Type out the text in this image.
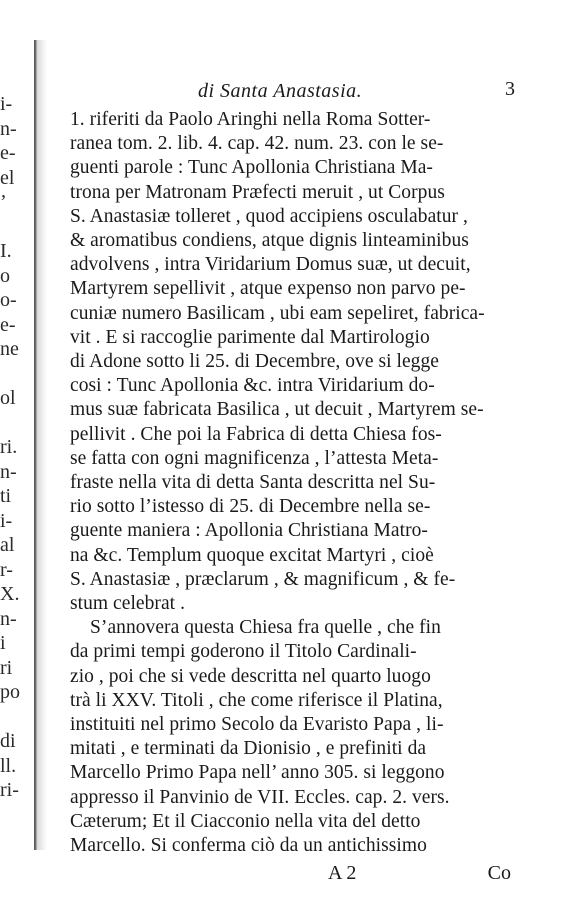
i-
n-
e-
el
’
I.
o
o-
e-
ne
ol
ri.
n-
ti
i-
al
r-
X.
n-
i
ri
po
di
ll.
ri-
di Santa Anastasia.	3
1. riferiti da Paolo Aringhi nella Roma Sotter-
ranea tom. 2. lib. 4. cap. 42. num. 23. con le se-
guenti parole : Tunc Apollonia Christiana Ma-
trona per Matronam Præfecti meruit , ut Corpus
S. Anastasiæ tolleret , quod accipiens osculabatur ,
& aromatibus condiens, atque dignis linteaminibus
advolvens , intra Viridarium Domus suæ, ut decuit,
Martyrem sepellivit , atque expenso non parvo pe-
cuniæ numero Basilicam , ubi eam sepeliret, fabrica-
vit . E si raccoglie parimente dal Martirologio
di Adone sotto li 25. di Decembre, ove si legge
cosi : Tunc Apollonia &c. intra Viridarium do-
mus suæ fabricata Basilica , ut decuit , Martyrem se-
pellivit . Che poi la Fabrica di detta Chiesa fos-
se fatta con ogni magnificenza , l’attesta Meta-
fraste nella vita di detta Santa descritta nel Su-
rio sotto l’istesso di 25. di Decembre nella se-
guente maniera : Apollonia Christiana Matro-
na &c. Templum quoque excitat Martyri , cioè
S. Anastasiæ , præclarum , & magnificum , & fe-
stum celebrat .
S’annovera questa Chiesa fra quelle , che fin
da primi tempi goderono il Titolo Cardinali-
zio , poi che si vede descritta nel quarto luogo
trà li XXV. Titoli , che come riferisce il Platina,
instituiti nel primo Secolo da Evaristo Papa , li-
mitati , e terminati da Dionisio , e prefiniti da
Marcello Primo Papa nell’ anno 305. si leggono
appresso il Panvinio de VII. Eccles. cap. 2. vers.
Cæterum; Et il Ciacconio nella vita del detto
Marcello. Si conferma ciò da un antichissimo
A 2	Co
